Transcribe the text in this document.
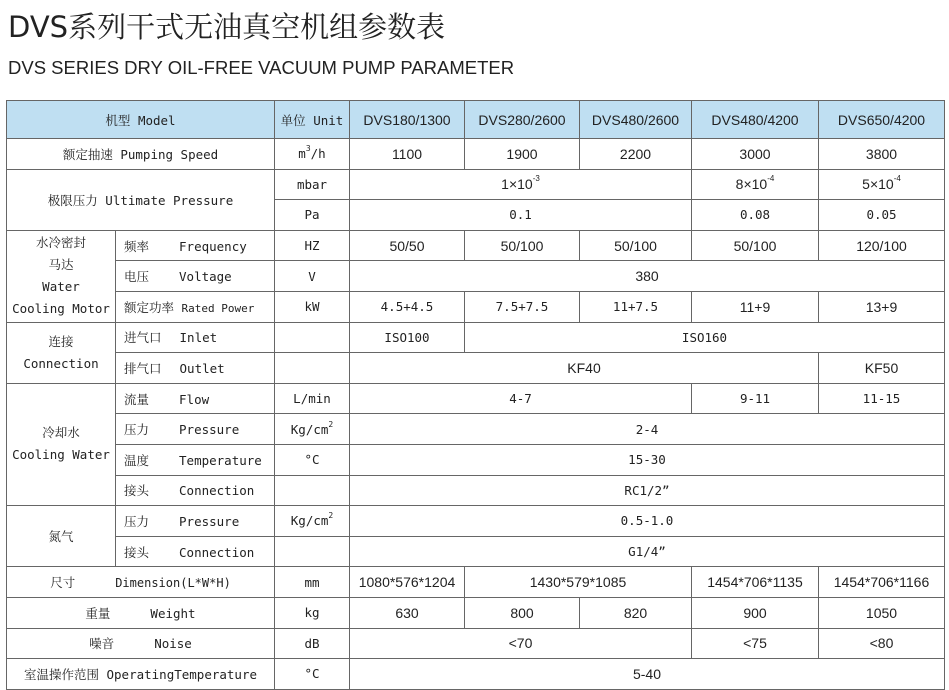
DVS系列干式无油真空机组参数表
DVS SERIES DRY OIL-FREE VACUUM PUMP PARAMETER
机型 Model		单位 Unit	DVS180/1300	DVS280/2600	DVS480/2600	DVS480/4200	DVS650/4200
额定抽速 Pumping Speed		$m^3/h$	1100	1900	2200	3000	3800
极限压力 Ultimate Pressure		mbar	$1\times 10^{-3}$			$8\times 10^{-4}$	$5\times 10^{-4}$
		Pa	0.1			0.08	0.05

水冷密封
马达
Water
Cooling Motor	频率 Frequency	HZ	50/50	50/100	50/100	50/100	120/100
	电压 Voltage	V	380				
	额定功率 Rated Power	kW	4.5+4.5	7.5+7.5	11+7.5	11+9	13+9

连接
Connection	进气口 Inlet		ISO100	ISO160			
	排气口 Outlet		KF40				KF50

冷却水
Cooling Water	流量 Flow	L/min	4-7			9-11	11-15
	压力 Pressure	$Kg/cm^2$	2-4				
	温度 Temperature	°C	15-30				
	接头 Connection		RC1/2”				
氮气	压力 Pressure	$Kg/cm^2$	0.5-1.0				
	接头 Connection		G1/4”				
尺寸 Dimension(L*W*H)		mm	1080*576*1204	1430*579*1085		1454*706*1135	1454*706*1166
重量 Weight		kg	630	800	820	900	1050
噪音 Noise		dB	<70			<75	<80
室温操作范围 OperatingTemperature		°C	5-40				
